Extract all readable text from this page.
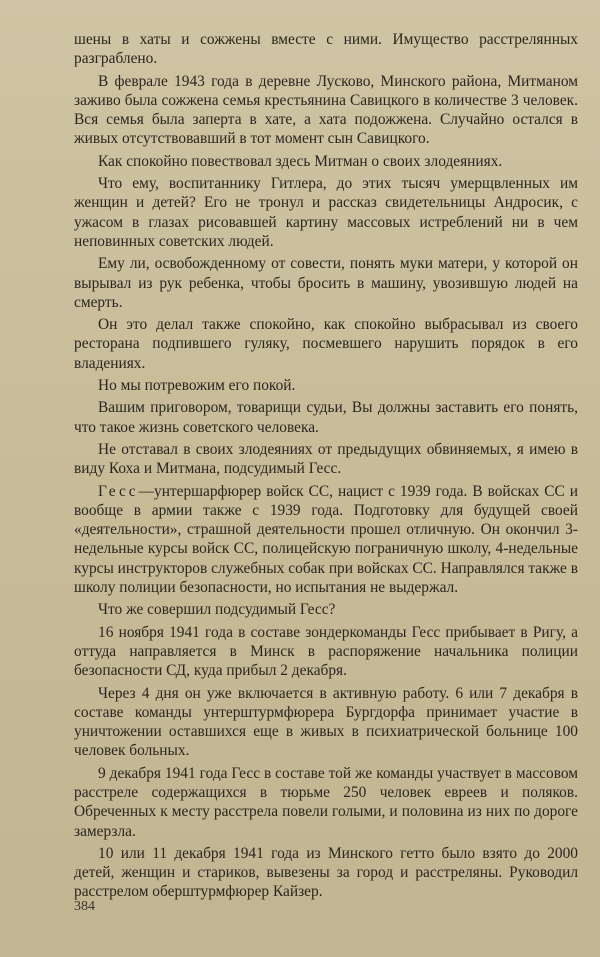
шены в хаты и сожжены вместе с ними. Имущество расстрелянных разграблено.

В феврале 1943 года в деревне Лусково, Минского района, Митманом заживо была сожжена семья крестьянина Савицкого в количестве 3 человек. Вся семья была заперта в хате, а хата подожжена. Случайно остался в живых отсутствовавший в тот момент сын Савицкого.

Как спокойно повествовал здесь Митман о своих злодеяниях.

Что ему, воспитаннику Гитлера, до этих тысяч умерщвленных им женщин и детей? Его не тронул и рассказ свидетельницы Андросик, с ужасом в глазах рисовавшей картину массовых истреблений ни в чем неповинных советских людей.

Ему ли, освобожденному от совести, понять муки матери, у которой он вырывал из рук ребенка, чтобы бросить в машину, увозившую людей на смерть.

Он это делал также спокойно, как спокойно выбрасывал из своего ресторана подпившего гуляку, посмевшего нарушить порядок в его владениях.

Но мы потревожим его покой.

Вашим приговором, товарищи судьи, Вы должны заставить его понять, что такое жизнь советского человека.

Не отставал в своих злодеяниях от предыдущих обвиняемых, я имею в виду Коха и Митмана, подсудимый Гесс.

Гесс—унтершарфюрер войск СС, нацист с 1939 года. В войсках СС и вообще в армии также с 1939 года. Подготовку для будущей своей «деятельности», страшной деятельности прошел отличную. Он окончил 3-недельные курсы войск СС, полицейскую пограничную школу, 4-недельные курсы инструкторов служебных собак при войсках СС. Направлялся также в школу полиции безопасности, но испытания не выдержал.

Что же совершил подсудимый Гесс?

16 ноября 1941 года в составе зондеркоманды Гесс прибывает в Ригу, а оттуда направляется в Минск в распоряжение начальника полиции безопасности СД, куда прибыл 2 декабря.

Через 4 дня он уже включается в активную работу. 6 или 7 декабря в составе команды унтерштурмфюрера Бургдорфа принимает участие в уничтожении оставшихся еще в живых в психиатрической больнице 100 человек больных.

9 декабря 1941 года Гесс в составе той же команды участвует в массовом расстреле содержащихся в тюрьме 250 человек евреев и поляков. Обреченных к месту расстрела повели голыми, и половина из них по дороге замерзла.

10 или 11 декабря 1941 года из Минского гетто было взято до 2000 детей, женщин и стариков, вывезены за город и расстреляны. Руководил расстрелом оберштурмфюрер Кайзер.

384
